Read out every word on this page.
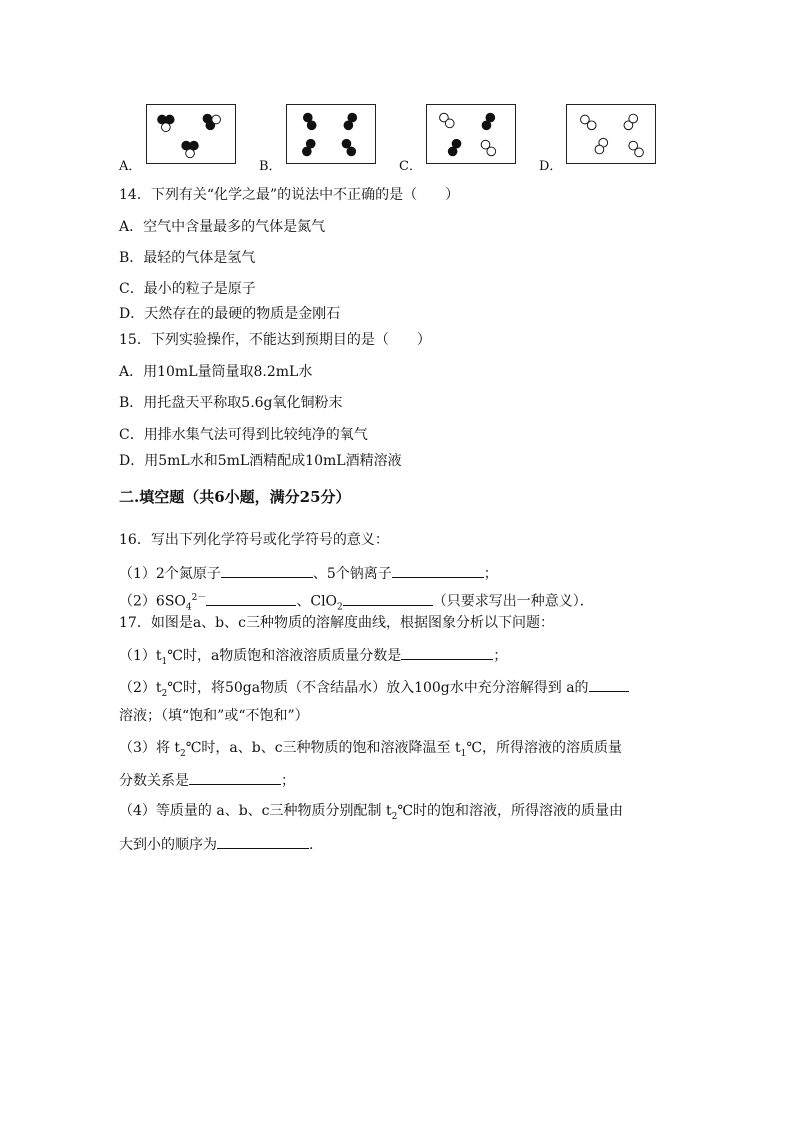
A．	B．	C．	D．
14．下列有关“化学之最”的说法中不正确的是（　　）
A．空气中含量最多的气体是氮气
B．最轻的气体是氢气
C．最小的粒子是原子
D．天然存在的最硬的物质是金刚石
15．下列实验操作，不能达到预期目的是（　　）
A．用10mL量筒量取8.2mL水
B．用托盘天平称取5.6g氧化铜粉末
C．用排水集气法可得到比较纯净的氧气
D．用5mL水和5mL酒精配成10mL酒精溶液
二.填空题（共6小题，满分25分）
16．写出下列化学符号或化学符号的意义：
（1）2个氮原子	、5个钠离子	；
$(2)6SO_4^{2-}$	、ClO$_2$	（只要求写出一种意义）．
17．如图是a、b、c三种物质的溶解度曲线，根据图象分析以下问题：
$(1)t_1℃$时，a物质饱和溶液溶质质量分数是	；
$(2)t_2℃$时，将50ga物质（不含结晶水）放入100g水中充分溶解得到 a的
溶液；（填“饱和”或“不饱和”）
（3）将 $t_2℃$时，a、b、c三种物质的饱和溶液降温至 $t_1℃$，所得溶液的溶质质量
分数关系是	；
（4）等质量的 a、b、c三种物质分别配制 $t_2℃$时的饱和溶液，所得溶液的质量由
大到小的顺序为	.
